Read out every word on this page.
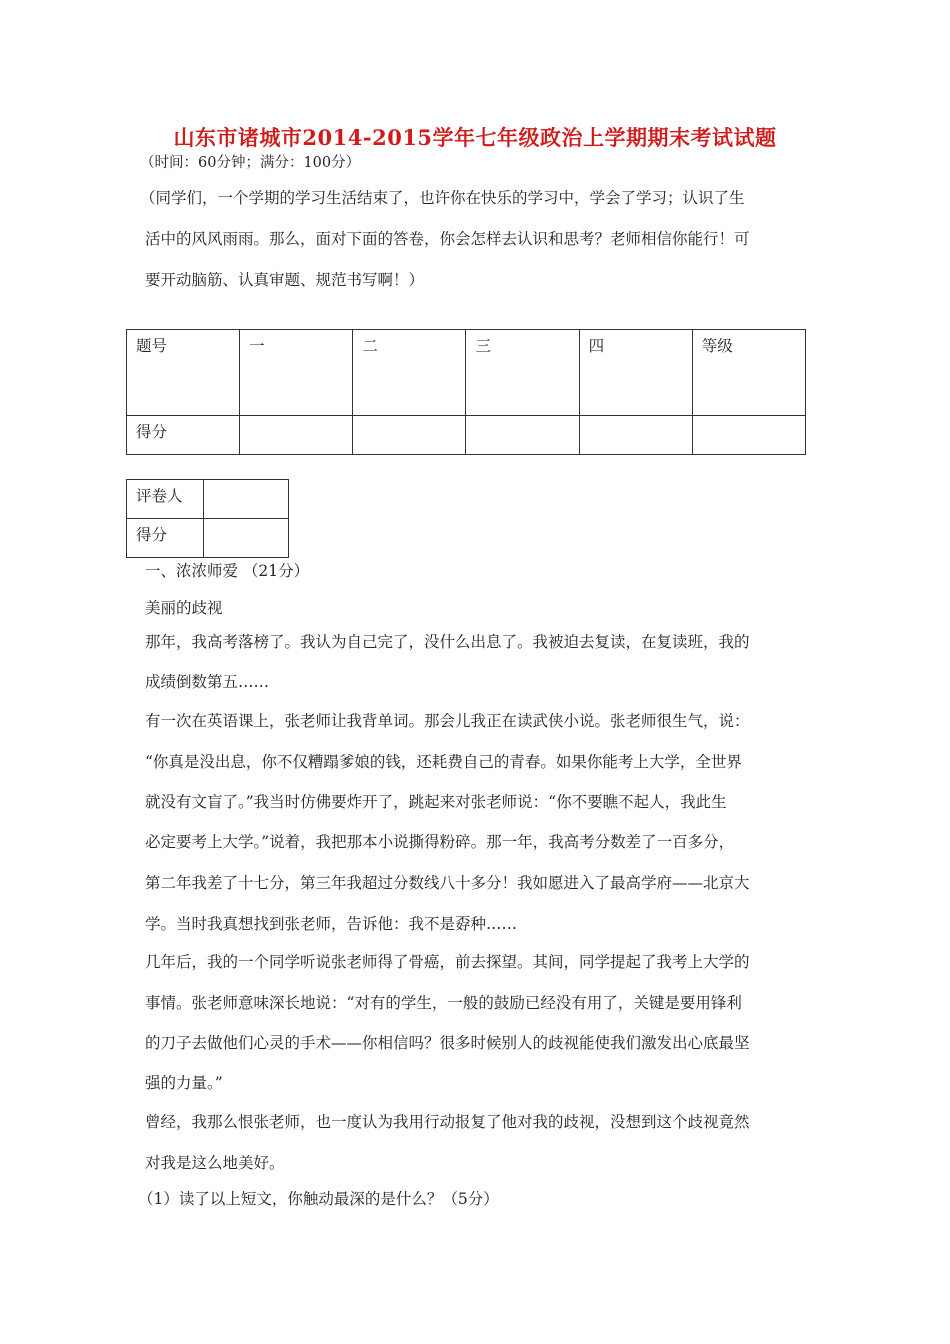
山东市诸城市2014-2015学年七年级政治上学期期末考试试题
（时间：60分钟；满分：100分）
（同学们，一个学期的学习生活结束了，也许你在快乐的学习中，学会了学习；认识了生
活中的风风雨雨。那么，面对下面的答卷，你会怎样去认识和思考？老师相信你能行！可
要开动脑筋、认真审题、规范书写啊！）
题号	一	二	三	四	等级
得分					
评卷人	
得分	
一、浓浓师爱 （21分）
美丽的歧视
那年，我高考落榜了。我认为自己完了，没什么出息了。我被迫去复读，在复读班，我的
成绩倒数第五……
有一次在英语课上，张老师让我背单词。那会儿我正在读武侠小说。张老师很生气，说：
“你真是没出息，你不仅糟蹋爹娘的钱，还耗费自己的青春。如果你能考上大学，全世界
就没有文盲了。”我当时仿佛要炸开了，跳起来对张老师说：“你不要瞧不起人，我此生
必定要考上大学。”说着，我把那本小说撕得粉碎。那一年，我高考分数差了一百多分，
第二年我差了十七分，第三年我超过分数线八十多分！我如愿进入了最高学府——北京大
学。当时我真想找到张老师，告诉他：我不是孬种……
几年后，我的一个同学听说张老师得了骨癌，前去探望。其间，同学提起了我考上大学的
事情。张老师意味深长地说：“对有的学生，一般的鼓励已经没有用了，关键是要用锋利
的刀子去做他们心灵的手术——你相信吗？很多时候别人的歧视能使我们激发出心底最坚
强的力量。”
曾经，我那么恨张老师，也一度认为我用行动报复了他对我的歧视，没想到这个歧视竟然
对我是这么地美好。
（1）读了以上短文，你触动最深的是什么？（5分）
